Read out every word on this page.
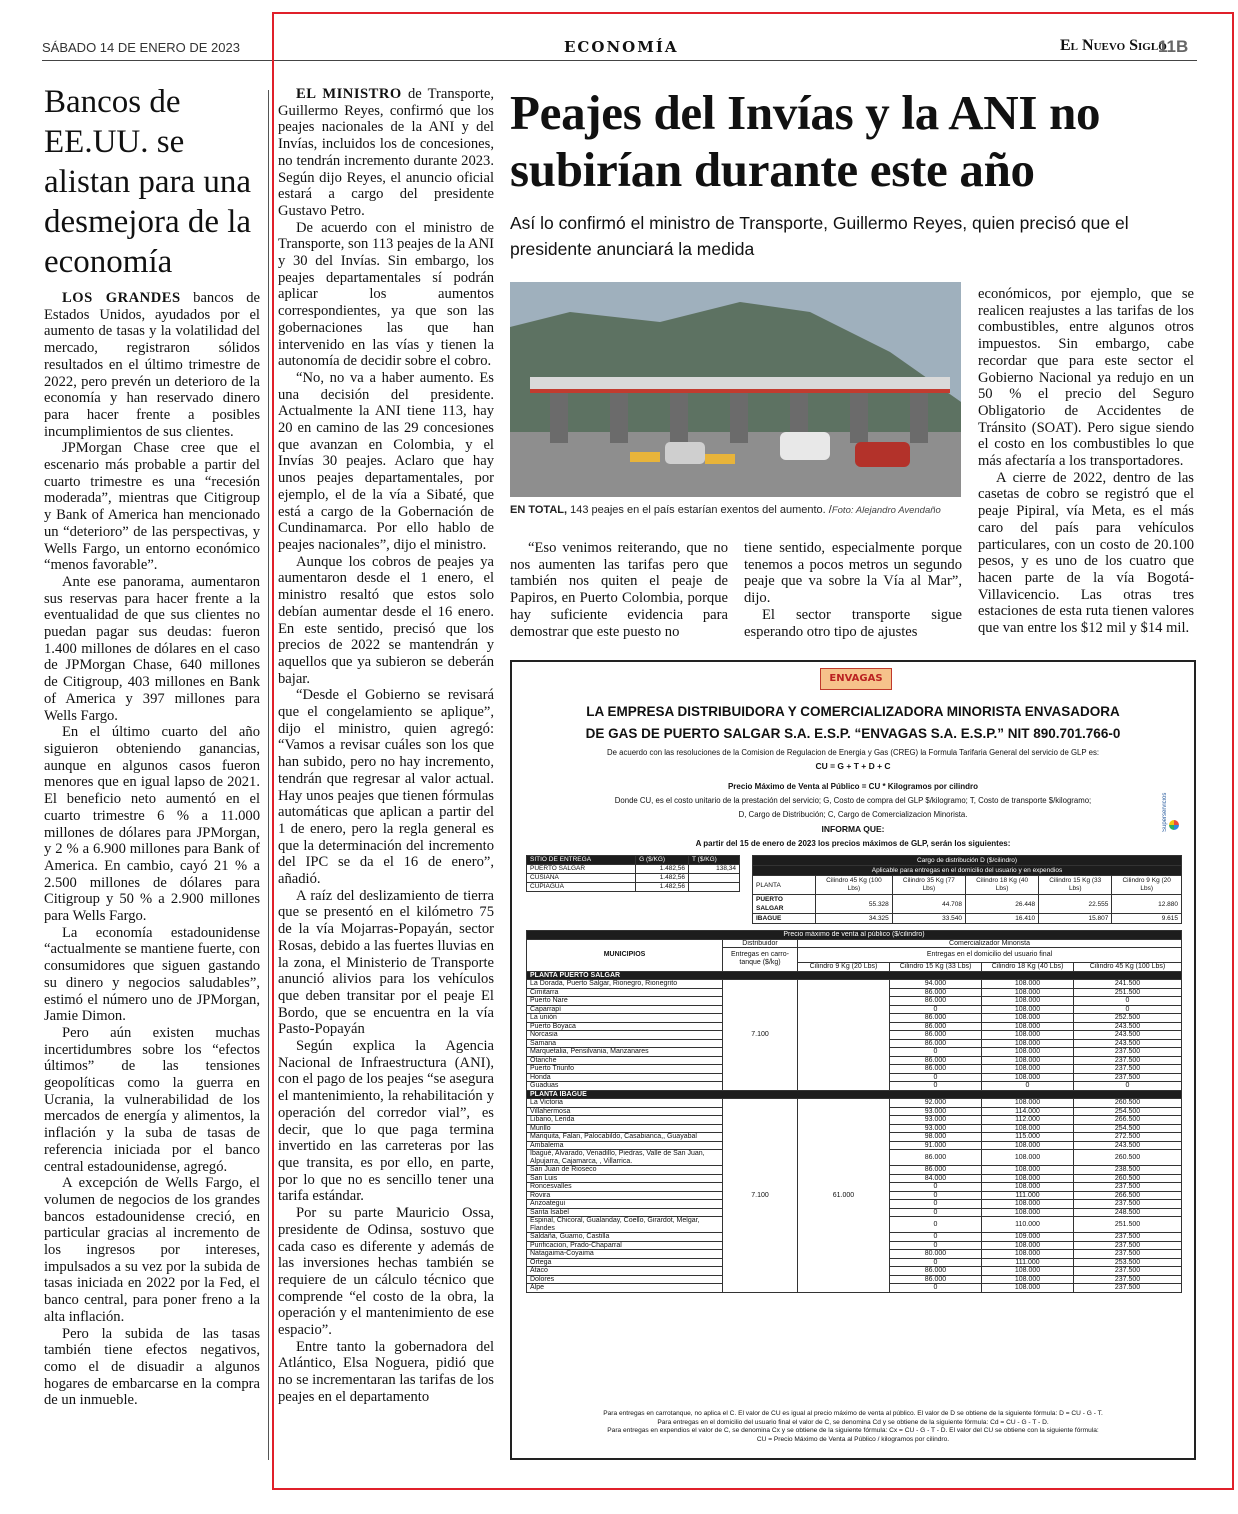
SÁBADO 14 DE ENERO DE 2023	ECONOMÍA	El Nuevo Siglo
11B
Bancos de EE.UU. se alistan para una desmejora de la economía

LOS GRANDES bancos de Estados Unidos, ayudados por el aumento de tasas y la volatilidad del mercado, registraron sólidos resultados en el último trimestre de 2022, pero prevén un deterioro de la economía y han reservado dinero para hacer frente a posibles incumplimientos de sus clientes.

JPMorgan Chase cree que el escenario más probable a partir del cuarto trimestre es una “recesión moderada”, mientras que Citigroup y Bank of America han mencionado un “deterioro” de las perspectivas, y Wells Fargo, un entorno económico “menos favorable”.

Ante ese panorama, aumentaron sus reservas para hacer frente a la eventualidad de que sus clientes no puedan pagar sus deudas: fueron 1.400 millones de dólares en el caso de JPMorgan Chase, 640 millones de Citigroup, 403 millones en Bank of America y 397 millones para Wells Fargo.

En el último cuarto del año siguieron obteniendo ganancias, aunque en algunos casos fueron menores que en igual lapso de 2021. El beneficio neto aumentó en el cuarto trimestre 6 % a 11.000 millones de dólares para JPMorgan, y 2 % a 6.900 millones para Bank of America. En cambio, cayó 21 % a 2.500 millones de dólares para Citigroup y 50 % a 2.900 millones para Wells Fargo.

La economía estadounidense “actualmente se mantiene fuerte, con consumidores que siguen gastando su dinero y negocios saludables”, estimó el número uno de JPMorgan, Jamie Dimon.

Pero aún existen muchas incertidumbres sobre los “efectos últimos” de las tensiones geopolíticas como la guerra en Ucrania, la vulnerabilidad de los mercados de energía y alimentos, la inflación y la suba de tasas de referencia iniciada por el banco central estadounidense, agregó.

A excepción de Wells Fargo, el volumen de negocios de los grandes bancos estadounidense creció, en particular gracias al incremento de los ingresos por intereses, impulsados a su vez por la subida de tasas iniciada en 2022 por la Fed, el banco central, para poner freno a la alta inflación.

Pero la subida de las tasas también tiene efectos negativos, como el de disuadir a algunos hogares de embarcarse en la compra de un inmueble.

Peajes del Invías y la ANI no subirían durante este año
Así lo confirmó el ministro de Transporte, Guillermo Reyes, quien precisó que el presidente anunciará la medida

EL MINISTRO de Transporte, Guillermo Reyes, confirmó que los peajes nacionales de la ANI y del Invías, incluidos los de concesiones, no tendrán incremento durante 2023. Según dijo Reyes, el anuncio oficial estará a cargo del presidente Gustavo Petro.

De acuerdo con el ministro de Transporte, son 113 peajes de la ANI y 30 del Invías. Sin embargo, los peajes departamentales sí podrán aplicar los aumentos correspondientes, ya que son las gobernaciones las que han intervenido en las vías y tienen la autonomía de decidir sobre el cobro.

“No, no va a haber aumento. Es una decisión del presidente. Actualmente la ANI tiene 113, hay 20 en camino de las 29 concesiones que avanzan en Colombia, y el Invías 30 peajes. Aclaro que hay unos peajes departamentales, por ejemplo, el de la vía a Sibaté, que está a cargo de la Gobernación de Cundinamarca. Por ello hablo de peajes nacionales”, dijo el ministro.

Aunque los cobros de peajes ya aumentaron desde el 1 enero, el ministro resaltó que estos solo debían aumentar desde el 16 enero. En este sentido, precisó que los precios de 2022 se mantendrán y aquellos que ya subieron se deberán bajar.

“Desde el Gobierno se revisará que el congelamiento se aplique”, dijo el ministro, quien agregó: “Vamos a revisar cuáles son los que han subido, pero no hay incremento, tendrán que regresar al valor actual. Hay unos peajes que tienen fórmulas automáticas que aplican a partir del 1 de enero, pero la regla general es que la determinación del incremento del IPC se da el 16 de enero”, añadió.

A raíz del deslizamiento de tierra que se presentó en el kilómetro 75 de la vía Mojarras-Popayán, sector Rosas, debido a las fuertes lluvias en la zona, el Ministerio de Transporte anunció alivios para los vehículos que deben transitar por el peaje El Bordo, que se encuentra en la vía Pasto-Popayán

Según explica la Agencia Nacional de Infraestructura (ANI), con el pago de los peajes “se asegura el mantenimiento, la rehabilitación y operación del corredor vial”, es decir, que lo que paga termina invertido en las carreteras por las que transita, es por ello, en parte, por lo que no es sencillo tener una tarifa estándar.

Por su parte Mauricio Ossa, presidente de Odinsa, sostuvo que cada caso es diferente y además de las inversiones hechas también se requiere de un cálculo técnico que comprende “el costo de la obra, la operación y el mantenimiento de ese espacio”.

Entre tanto la gobernadora del Atlántico, Elsa Noguera, pidió que no se incrementaran las tarifas de los peajes en el departamento

EN TOTAL, 143 peajes en el país estarían exentos del aumento. /Foto: Alejandro Avendaño

“Eso venimos reiterando, que no nos aumenten las tarifas pero que también nos quiten el peaje de Papiros, en Puerto Colombia, porque hay suficiente evidencia para demostrar que este puesto no

tiene sentido, especialmente porque tenemos a pocos metros un segundo peaje que va sobre la Vía al Mar”, dijo.

El sector transporte sigue esperando otro tipo de ajustes

económicos, por ejemplo, que se realicen reajustes a las tarifas de los combustibles, entre algunos otros impuestos. Sin embargo, cabe recordar que para este sector el Gobierno Nacional ya redujo en un 50 % el precio del Seguro Obligatorio de Accidentes de Tránsito (SOAT). Pero sigue siendo el costo en los combustibles lo que más afectaría a los transportadores.

A cierre de 2022, dentro de las casetas de cobro se registró que el peaje Pipiral, vía Meta, es el más caro del país para vehículos particulares, con un costo de 20.100 pesos, y es uno de los cuatro que hacen parte de la vía Bogotá-Villavicencio. Las otras tres estaciones de esta ruta tienen valores que van entre los $12 mil y $14 mil.

ENVAGAS
LA EMPRESA DISTRIBUIDORA Y COMERCIALIZADORA MINORISTA ENVASADORA
DE GAS DE PUERTO SALGAR S.A. E.S.P. “ENVAGAS S.A. E.S.P.” NIT 890.701.766-0
De acuerdo con las resoluciones de la Comision de Regulacion de Energia y Gas (CREG) la Formula Tarifaria General del servicio de GLP es:
CU = G + T + D + C
Precio Máximo de Venta al Público = CU * Kilogramos por cilindro
Donde CU, es el costo unitario de la prestación del servicio; G, Costo de compra del GLP $/kilogramo; T, Costo de transporte $/kilogramo;
D, Cargo de Distribución; C, Cargo de Comercializacion Minorista.
INFORMA QUE:
A partir del 15 de enero de 2023 los precios máximos de GLP, serán los siguientes:
Superservicios
SITIO DE ENTREGA	G ($/KG)	T ($/KG)
PUERTO SALGAR	1.482,56	138,34
CUSIANA	1.482,56	
CUPIAGUA	1.482,56	
Cargo de distribución D ($/cilindro)					
Aplicable para entregas en el domicilio del usuario y en expendios					
PLANTA	Cilindro 45 Kg (100 Lbs)	Cilindro 35 Kg (77 Lbs)	Cilindro 18 Kg (40 Lbs)	Cilindro 15 Kg (33 Lbs)	Cilindro 9 Kg (20 Lbs)
PUERTO SALGAR	55.328	44.708	26.448	22.555	12.880
IBAGUE	34.325	33.540	16.410	15.807	9.615
Precio máximo de venta al público ($/cilindro)					
MUNICIPIOS	Distribuidor	Comercializador Minorista			
	Entregas en carro-tanque ($/kg)	Entregas en el domicilio del usuario final			
		Cilindro 9 Kg (20 Lbs)	Cilindro 15 Kg (33 Lbs)	Cilindro 18 Kg (40 Lbs)	Cilindro 45 Kg (100 Lbs)
PLANTA PUERTO SALGAR					
La Dorada, Puerto Salgar, Rionegro, Rionegrito	7.100		94.000	108.000	241.500
Cimitarra			86.000	108.000	251.500
Puerto Nare			86.000	108.000	0
Caparrapí			0	108.000	0
La unión			86.000	108.000	252.500
Puerto Boyaca			86.000	108.000	243.500
Norcasia			86.000	108.000	243.500
Samana			86.000	108.000	243.500
Marquetalia, Pensilvania, Manzanares			0	108.000	237.500
Otanche			86.000	108.000	237.500
Puerto Triunfo			86.000	108.000	237.500
Honda			0	108.000	237.500
Guaduas			0	0	0
PLANTA IBAGUE					
La Victoria	7.100	61.000	92.000	108.000	260.500
Villahermosa			93.000	114.000	254.500
Libano, Lerida			93.000	112.000	266.500
Murillo			93.000	108.000	254.500
Mariquita, Falan, Palocabildo, Casabianca,, Guayabal			98.000	115.000	272.500
Ambalema			91.000	108.000	243.500
Ibagué, Alvarado, Venadillo, Piedras, Valle de San Juan, Alpujarra, Cajamarca, , Villarrica.			86.000	108.000	260.500
San Juan de Rioseco			86.000	108.000	238.500
San Luis			84.000	108.000	260.500
Roncesvalles			0	108.000	237.500
Rovira			0	111.000	266.500
Anzoategui			0	108.000	237.500
Santa Isabel			0	108.000	248.500
Espinal, Chicoral, Gualanday, Coello, Girardot, Melgar, Flandes			0	110.000	251.500
Saldaña, Guamo, Castilla			0	109.000	237.500
Purificacion, Prado-Chaparral			0	108.000	237.500
Natagaima-Coyaima			80.000	108.000	237.500
Ortega			0	111.000	253.500
Ataco			86.000	108.000	237.500
Dolores			86.000	108.000	237.500
Alpe			0	108.000	237.500
Para entregas en carrotanque, no aplica el C. El valor de CU es igual al precio máximo de venta al público. El valor de D se obtiene de la siguiente fórmula: D = CU - G - T.
Para entregas en el domicilio del usuario final el valor de C, se denomina Cd y se obtiene de la siguiente fórmula: Cd = CU - G - T - D.
Para entregas en expendios el valor de C, se denomina Cx y se obtiene de la siguiente fórmula: Cx = CU - G - T - D. El valor del CU se obtiene con la siguiente fórmula:
CU = Precio Máximo de Venta al Público / kilogramos por cilindro.
